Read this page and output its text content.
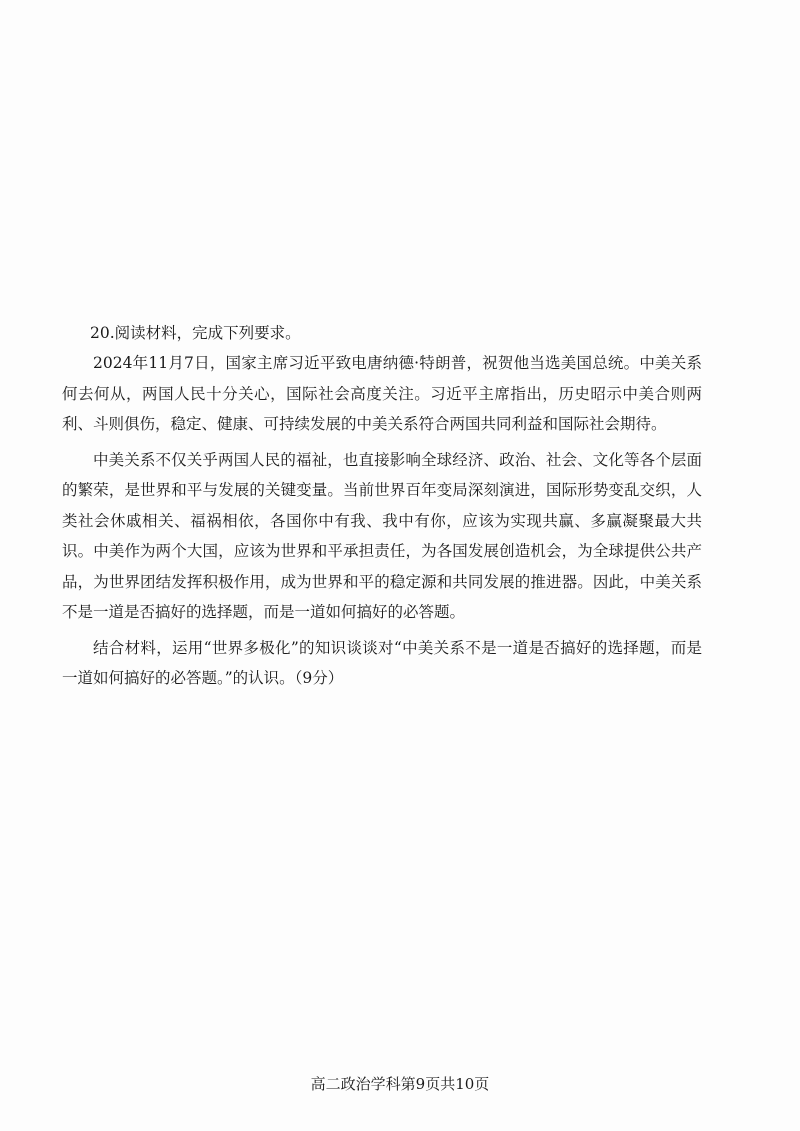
20.阅读材料，完成下列要求。

2024年11月7日，国家主席习近平致电唐纳德·特朗普，祝贺他当选美国总统。中美关系何去何从，两国人民十分关心，国际社会高度关注。习近平主席指出，历史昭示中美合则两利、斗则俱伤，稳定、健康、可持续发展的中美关系符合两国共同利益和国际社会期待。

中美关系不仅关乎两国人民的福祉，也直接影响全球经济、政治、社会、文化等各个层面的繁荣，是世界和平与发展的关键变量。当前世界百年变局深刻演进，国际形势变乱交织，人类社会休戚相关、福祸相依，各国你中有我、我中有你，应该为实现共赢、多赢凝聚最大共识。中美作为两个大国，应该为世界和平承担责任，为各国发展创造机会，为全球提供公共产品，为世界团结发挥积极作用，成为世界和平的稳定源和共同发展的推进器。因此，中美关系不是一道是否搞好的选择题，而是一道如何搞好的必答题。

结合材料，运用“世界多极化”的知识谈谈对“中美关系不是一道是否搞好的选择题，而是一道如何搞好的必答题。”的认识。（9分）

高二政治学科第9页共10页
